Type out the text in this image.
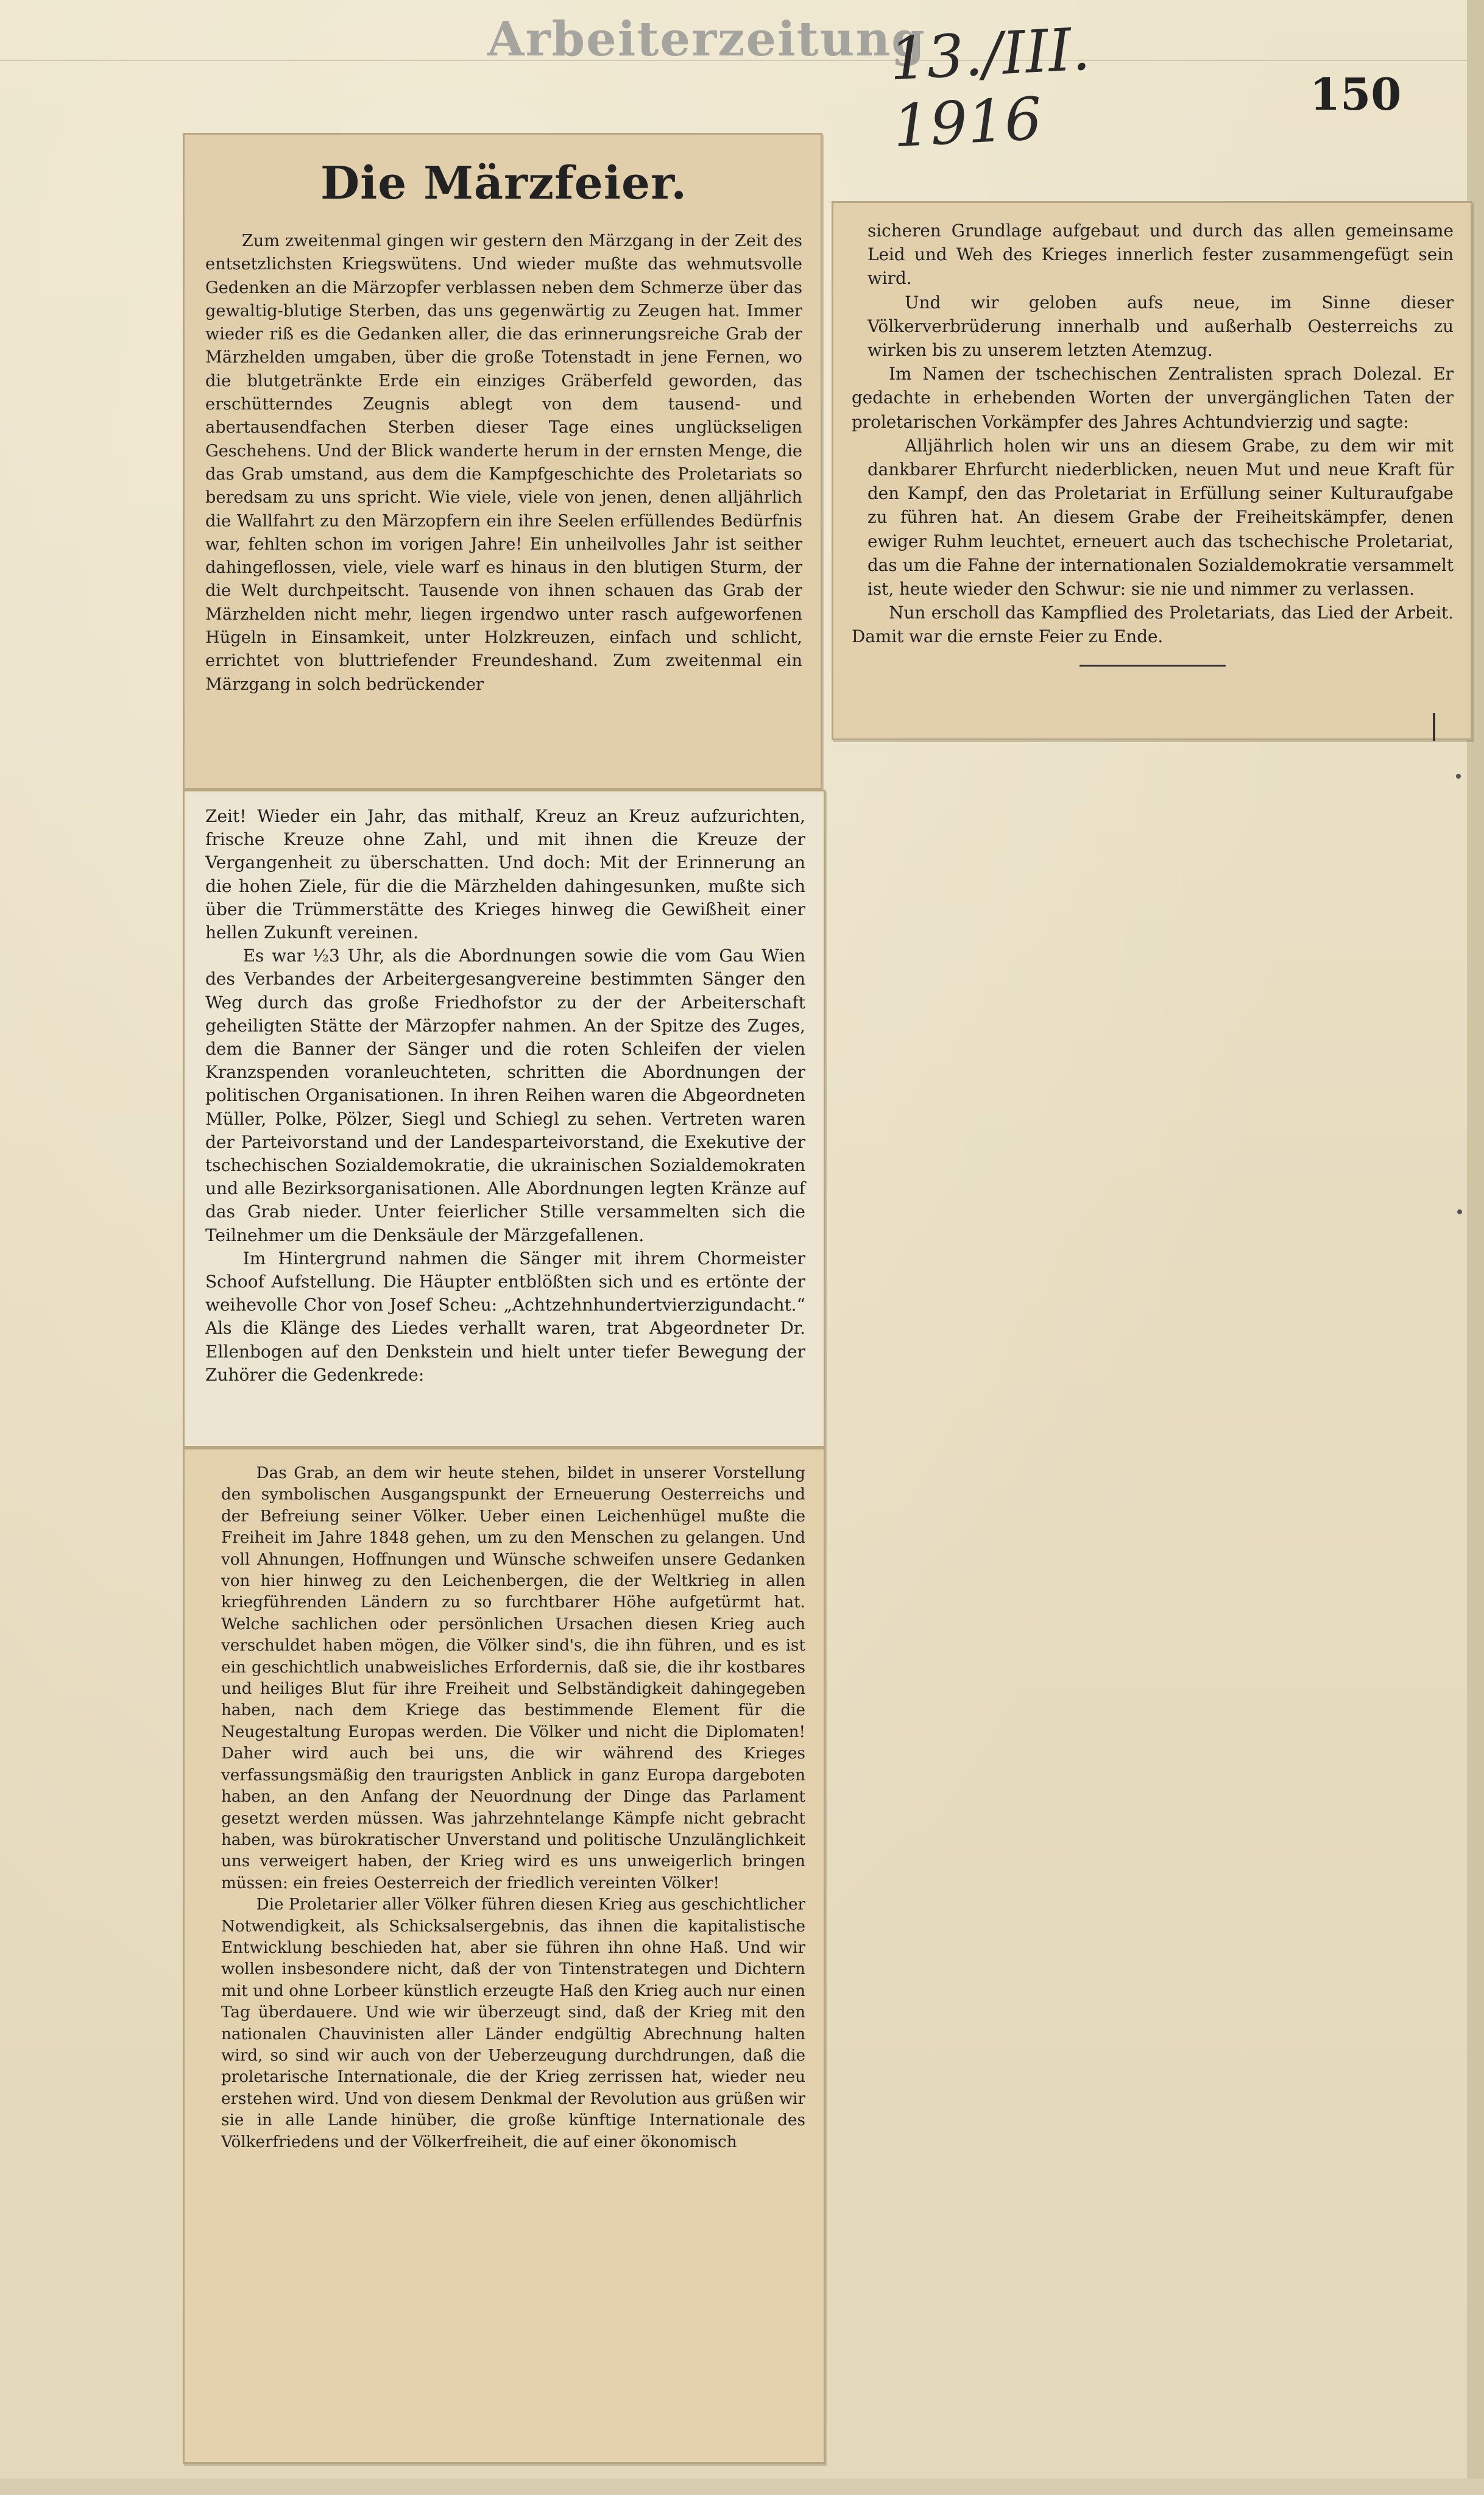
Arbeiterzeitung
13./III. 1916	150
Die Märzfeier.

Zum zweitenmal gingen wir gestern den Märzgang in der Zeit des entsetzlichsten Kriegswütens. Und wieder mußte das wehmutsvolle Gedenken an die Märzopfer verblassen neben dem Schmerze über das gewaltig-blutige Sterben, das uns gegenwärtig zu Zeugen hat. Immer wieder riß es die Gedanken aller, die das erinnerungsreiche Grab der Märzhelden umgaben, über die große Totenstadt in jene Fernen, wo die blutgetränkte Erde ein einziges Gräberfeld geworden, das erschütterndes Zeugnis ablegt von dem tausend- und abertausendfachen Sterben dieser Tage eines unglückseligen Geschehens. Und der Blick wanderte herum in der ernsten Menge, die das Grab umstand, aus dem die Kampfgeschichte des Proletariats so beredsam zu uns spricht. Wie viele, viele von jenen, denen alljährlich die Wallfahrt zu den Märzopfern ein ihre Seelen erfüllendes Bedürfnis war, fehlten schon im vorigen Jahre! Ein unheilvolles Jahr ist seither dahingeflossen, viele, viele warf es hinaus in den blutigen Sturm, der die Welt durchpeitscht. Tausende von ihnen schauen das Grab der Märzhelden nicht mehr, liegen irgendwo unter rasch aufgeworfenen Hügeln in Einsamkeit, unter Holzkreuzen, einfach und schlicht, errichtet von bluttriefender Freundeshand. Zum zweitenmal ein Märzgang in solch bedrückender

sicheren Grundlage aufgebaut und durch das allen gemeinsame Leid und Weh des Krieges innerlich fester zusammengefügt sein wird.

Und wir geloben aufs neue, im Sinne dieser Völkerverbrüderung innerhalb und außerhalb Oesterreichs zu wirken bis zu unserem letzten Atemzug.

Im Namen der tschechischen Zentralisten sprach Dolezal. Er gedachte in erhebenden Worten der unvergänglichen Taten der proletarischen Vorkämpfer des Jahres Achtundvierzig und sagte:

Alljährlich holen wir uns an diesem Grabe, zu dem wir mit dankbarer Ehrfurcht niederblicken, neuen Mut und neue Kraft für den Kampf, den das Proletariat in Erfüllung seiner Kulturaufgabe zu führen hat. An diesem Grabe der Freiheitskämpfer, denen ewiger Ruhm leuchtet, erneuert auch das tschechische Proletariat, das um die Fahne der internationalen Sozialdemokratie versammelt ist, heute wieder den Schwur: sie nie und nimmer zu verlassen.

Nun erscholl das Kampflied des Proletariats, das Lied der Arbeit. Damit war die ernste Feier zu Ende.

Zeit! Wieder ein Jahr, das mithalf, Kreuz an Kreuz aufzurichten, frische Kreuze ohne Zahl, und mit ihnen die Kreuze der Vergangenheit zu überschatten. Und doch: Mit der Erinnerung an die hohen Ziele, für die die Märzhelden dahingesunken, mußte sich über die Trümmerstätte des Krieges hinweg die Gewißheit einer hellen Zukunft vereinen.

Es war ½3 Uhr, als die Abordnungen sowie die vom Gau Wien des Verbandes der Arbeitergesangvereine bestimmten Sänger den Weg durch das große Friedhofstor zu der der Arbeiterschaft geheiligten Stätte der Märzopfer nahmen. An der Spitze des Zuges, dem die Banner der Sänger und die roten Schleifen der vielen Kranzspenden voranleuchteten, schritten die Abordnungen der politischen Organisationen. In ihren Reihen waren die Abgeordneten Müller, Polke, Pölzer, Siegl und Schiegl zu sehen. Vertreten waren der Parteivorstand und der Landesparteivorstand, die Exekutive der tschechischen Sozialdemokratie, die ukrainischen Sozialdemokraten und alle Bezirksorganisationen. Alle Abordnungen legten Kränze auf das Grab nieder. Unter feierlicher Stille versammelten sich die Teilnehmer um die Denksäule der Märzgefallenen.

Im Hintergrund nahmen die Sänger mit ihrem Chormeister Schoof Aufstellung. Die Häupter entblößten sich und es ertönte der weihevolle Chor von Josef Scheu: „Achtzehnhundertvierzigundacht.“ Als die Klänge des Liedes verhallt waren, trat Abgeordneter Dr. Ellenbogen auf den Denkstein und hielt unter tiefer Bewegung der Zuhörer die Gedenkrede:

Das Grab, an dem wir heute stehen, bildet in unserer Vorstellung den symbolischen Ausgangspunkt der Erneuerung Oesterreichs und der Befreiung seiner Völker. Ueber einen Leichenhügel mußte die Freiheit im Jahre 1848 gehen, um zu den Menschen zu gelangen. Und voll Ahnungen, Hoffnungen und Wünsche schweifen unsere Gedanken von hier hinweg zu den Leichenbergen, die der Weltkrieg in allen kriegführenden Ländern zu so furchtbarer Höhe aufgetürmt hat. Welche sachlichen oder persönlichen Ursachen diesen Krieg auch verschuldet haben mögen, die Völker sind's, die ihn führen, und es ist ein geschichtlich unabweisliches Erfordernis, daß sie, die ihr kostbares und heiliges Blut für ihre Freiheit und Selbständigkeit dahingegeben haben, nach dem Kriege das bestimmende Element für die Neugestaltung Europas werden. Die Völker und nicht die Diplomaten! Daher wird auch bei uns, die wir während des Krieges verfassungsmäßig den traurigsten Anblick in ganz Europa dargeboten haben, an den Anfang der Neuordnung der Dinge das Parlament gesetzt werden müssen. Was jahrzehntelange Kämpfe nicht gebracht haben, was bürokratischer Unverstand und politische Unzulänglichkeit uns verweigert haben, der Krieg wird es uns unweigerlich bringen müssen: ein freies Oesterreich der friedlich vereinten Völker!

Die Proletarier aller Völker führen diesen Krieg aus geschichtlicher Notwendigkeit, als Schicksalsergebnis, das ihnen die kapitalistische Entwicklung beschieden hat, aber sie führen ihn ohne Haß. Und wir wollen insbesondere nicht, daß der von Tintenstrategen und Dichtern mit und ohne Lorbeer künstlich erzeugte Haß den Krieg auch nur einen Tag überdauere. Und wie wir überzeugt sind, daß der Krieg mit den nationalen Chauvinisten aller Länder endgültig Abrechnung halten wird, so sind wir auch von der Ueberzeugung durchdrungen, daß die proletarische Internationale, die der Krieg zerrissen hat, wieder neu erstehen wird. Und von diesem Denkmal der Revolution aus grüßen wir sie in alle Lande hinüber, die große künftige Internationale des Völkerfriedens und der Völkerfreiheit, die auf einer ökonomisch
